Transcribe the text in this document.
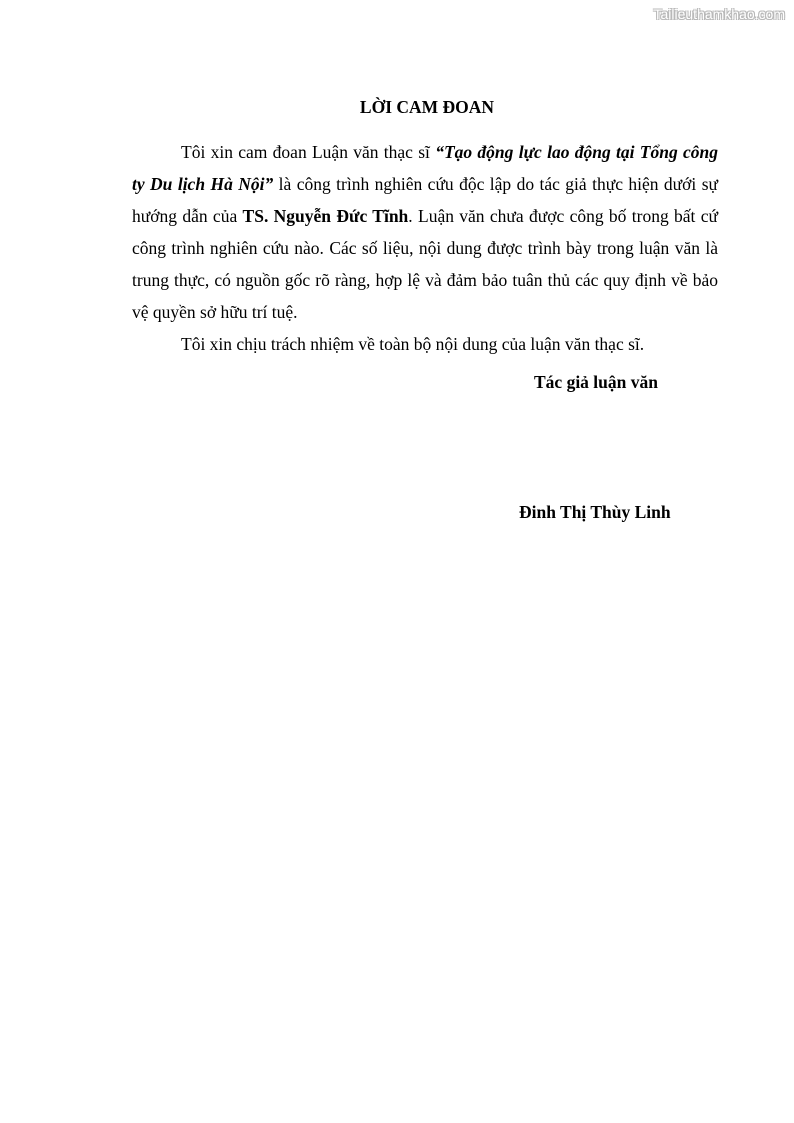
Tailieuthamkhao.com
LỜI CAM ĐOAN

Tôi xin cam đoan Luận văn thạc sĩ “Tạo động lực lao động tại Tổng công ty Du lịch Hà Nội” là công trình nghiên cứu độc lập do tác giả thực hiện dưới sự hướng dẫn của TS. Nguyễn Đức Tĩnh. Luận văn chưa được công bố trong bất cứ công trình nghiên cứu nào. Các số liệu, nội dung được trình bày trong luận văn là trung thực, có nguồn gốc rõ ràng, hợp lệ và đảm bảo tuân thủ các quy định về bảo vệ quyền sở hữu trí tuệ.

Tôi xin chịu trách nhiệm về toàn bộ nội dung của luận văn thạc sĩ.

Tác giả luận văn
Đinh Thị Thùy Linh
